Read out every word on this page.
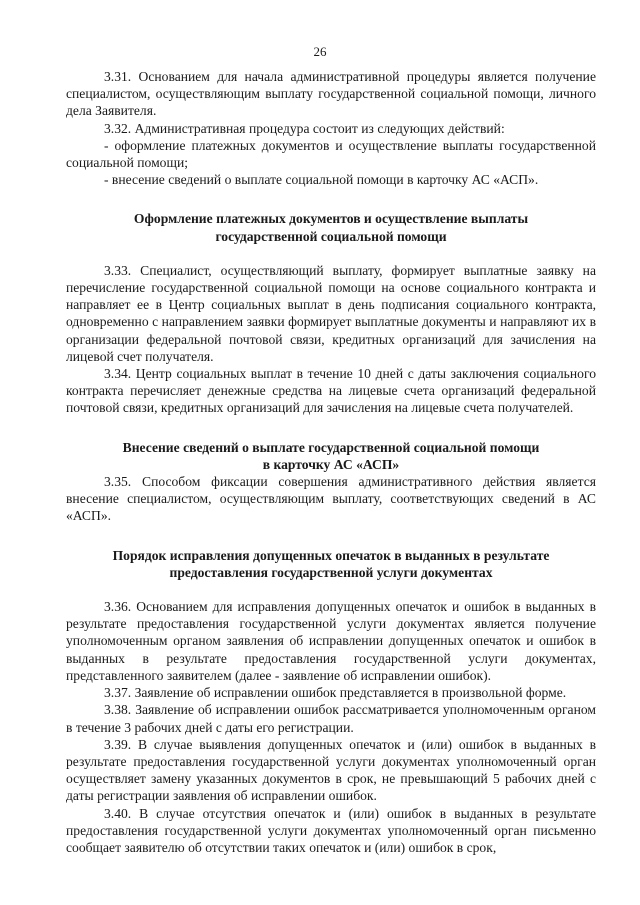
26

3.31. Основанием для начала административной процедуры является получение специалистом, осуществляющим выплату государственной социальной помощи, личного дела Заявителя.

3.32. Административная процедура состоит из следующих действий:

- оформление платежных документов и осуществление выплаты государственной социальной помощи;

- внесение сведений о выплате социальной помощи в карточку АС «АСП».

Оформление платежных документов и осуществление выплаты
государственной социальной помощи

3.33. Специалист, осуществляющий выплату, формирует выплатные заявку на перечисление государственной социальной помощи на основе социального контракта и направляет ее в Центр социальных выплат в день подписания социального контракта, одновременно с направлением заявки формирует выплатные документы и направляют их в организации федеральной почтовой связи, кредитных организаций для зачисления на лицевой счет получателя.

3.34. Центр социальных выплат в течение 10 дней с даты заключения социального контракта перечисляет денежные средства на лицевые счета организаций федеральной почтовой связи, кредитных организаций для зачисления на лицевые счета получателей.

Внесение сведений о выплате государственной социальной помощи
в карточку АС «АСП»

3.35. Способом фиксации совершения административного действия является внесение специалистом, осуществляющим выплату, соответствующих сведений в АС «АСП».

Порядок исправления допущенных опечаток в выданных в результате
предоставления государственной услуги документах

3.36. Основанием для исправления допущенных опечаток и ошибок в выданных в результате предоставления государственной услуги документах является получение уполномоченным органом заявления об исправлении допущенных опечаток и ошибок в выданных в результате предоставления государственной услуги документах, представленного заявителем (далее - заявление об исправлении ошибок).

3.37. Заявление об исправлении ошибок представляется в произвольной форме.

3.38. Заявление об исправлении ошибок рассматривается уполномоченным органом в течение 3 рабочих дней с даты его регистрации.

3.39. В случае выявления допущенных опечаток и (или) ошибок в выданных в результате предоставления государственной услуги документах уполномоченный орган осуществляет замену указанных документов в срок, не превышающий 5 рабочих дней с даты регистрации заявления об исправлении ошибок.

3.40. В случае отсутствия опечаток и (или) ошибок в выданных в результате предоставления государственной услуги документах уполномоченный орган письменно сообщает заявителю об отсутствии таких опечаток и (или) ошибок в срок,
